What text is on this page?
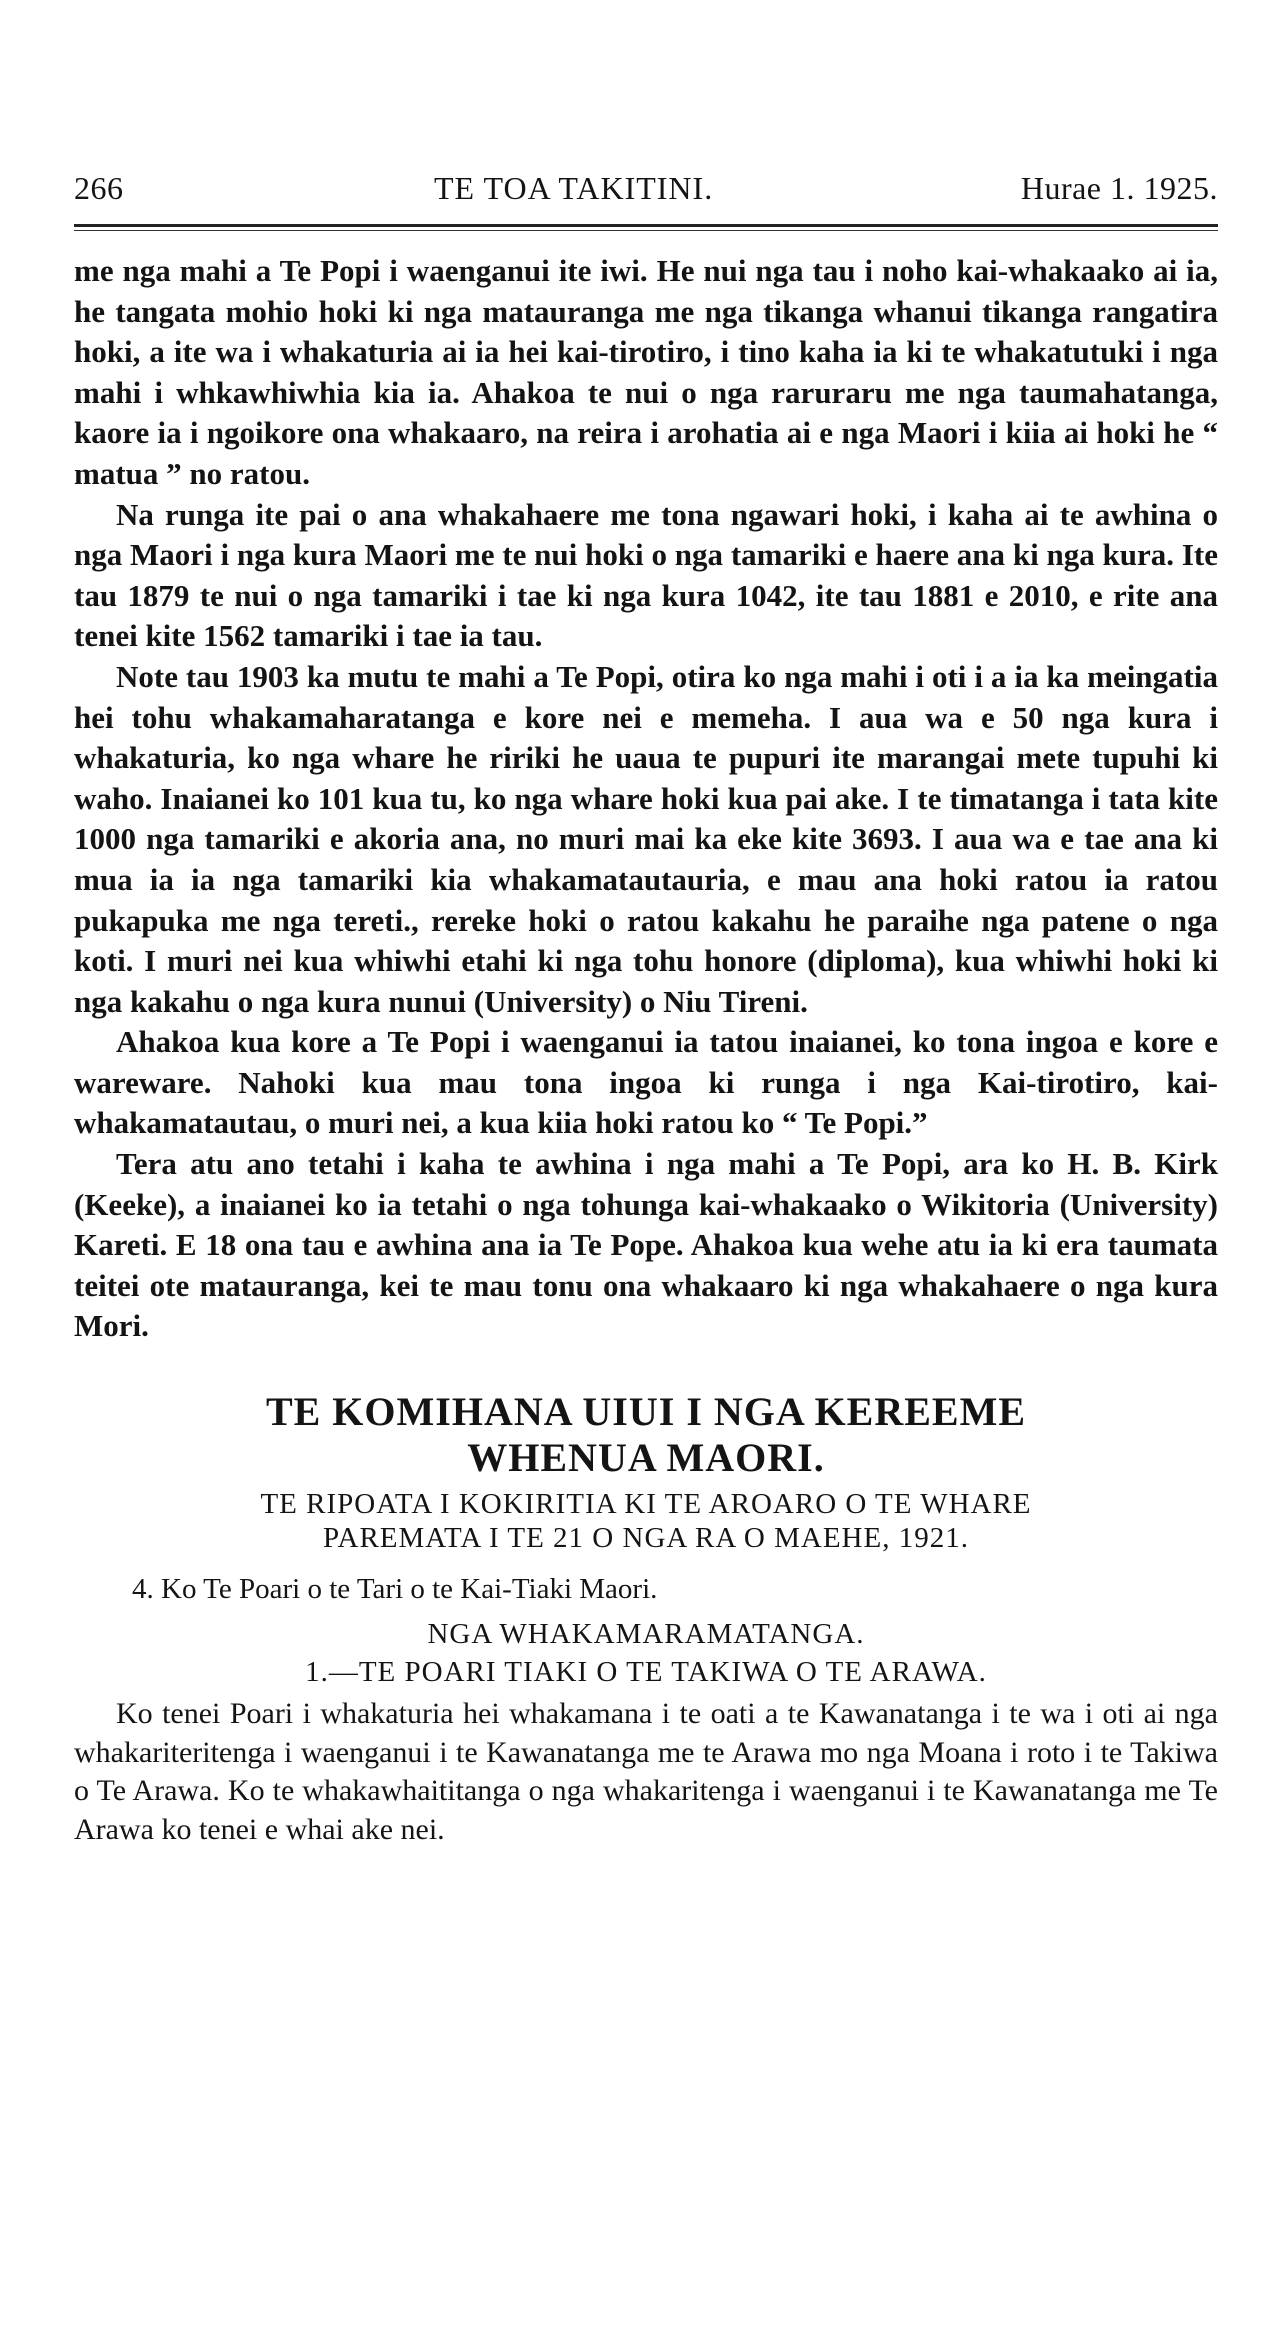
266	TE TOA TAKITINI.	Hurae 1. 1925.

me nga mahi a Te Popi i waenganui ite iwi. He nui nga tau i noho kai-whakaako ai ia, he tangata mohio hoki ki nga matauranga me nga tikanga whanui tikanga rangatira hoki, a ite wa i whakaturia ai ia hei kai-tirotiro, i tino kaha ia ki te whakatutuki i nga mahi i whkawhiwhia kia ia. Ahakoa te nui o nga raruraru me nga taumahatanga, kaore ia i ngoikore ona whakaaro, na reira i arohatia ai e nga Maori i kiia ai hoki he “ matua ” no ratou.

Na runga ite pai o ana whakahaere me tona ngawari hoki, i kaha ai te awhina o nga Maori i nga kura Maori me te nui hoki o nga tamariki e haere ana ki nga kura. Ite tau 1879 te nui o nga tamariki i tae ki nga kura 1042, ite tau 1881 e 2010, e rite ana tenei kite 1562 tamariki i tae ia tau.

Note tau 1903 ka mutu te mahi a Te Popi, otira ko nga mahi i oti i a ia ka meingatia hei tohu whakamaharatanga e kore nei e memeha. I aua wa e 50 nga kura i whakaturia, ko nga whare he ririki he uaua te pupuri ite marangai mete tupuhi ki waho. Inaianei ko 101 kua tu, ko nga whare hoki kua pai ake. I te timatanga i tata kite 1000 nga tamariki e akoria ana, no muri mai ka eke kite 3693. I aua wa e tae ana ki mua ia ia nga tamariki kia whakamatautauria, e mau ana hoki ratou ia ratou pukapuka me nga tereti., rereke hoki o ratou kakahu he paraihe nga patene o nga koti. I muri nei kua whiwhi etahi ki nga tohu honore (diploma), kua whiwhi hoki ki nga kakahu o nga kura nunui (University) o Niu Tireni.

Ahakoa kua kore a Te Popi i waenganui ia tatou inaianei, ko tona ingoa e kore e wareware. Nahoki kua mau tona ingoa ki runga i nga Kai-tirotiro, kai-whakamatautau, o muri nei, a kua kiia hoki ratou ko “ Te Popi.”

Tera atu ano tetahi i kaha te awhina i nga mahi a Te Popi, ara ko H. B. Kirk (Keeke), a inaianei ko ia tetahi o nga tohunga kai-whakaako o Wikitoria (University) Kareti. E 18 ona tau e awhina ana ia Te Pope. Ahakoa kua wehe atu ia ki era taumata teitei ote matauranga, kei te mau tonu ona whakaaro ki nga whakahaere o nga kura Mori.

TE KOMIHANA UIUI I NGA KEREEME
WHENUA MAORI.
TE RIPOATA I KOKIRITIA KI TE AROARO O TE WHARE
PAREMATA I TE 21 O NGA RA O MAEHE, 1921.
4. Ko Te Poari o te Tari o te Kai-Tiaki Maori.
NGA WHAKAMARAMATANGA.
1.—TE POARI TIAKI O TE TAKIWA O TE ARAWA.

Ko tenei Poari i whakaturia hei whakamana i te oati a te Kawanatanga i te wa i oti ai nga whakariteritenga i waenganui i te Kawanatanga me te Arawa mo nga Moana i roto i te Takiwa o Te Arawa. Ko te whakawhaititanga o nga whakaritenga i waenganui i te Kawanatanga me Te Arawa ko tenei e whai ake nei.
